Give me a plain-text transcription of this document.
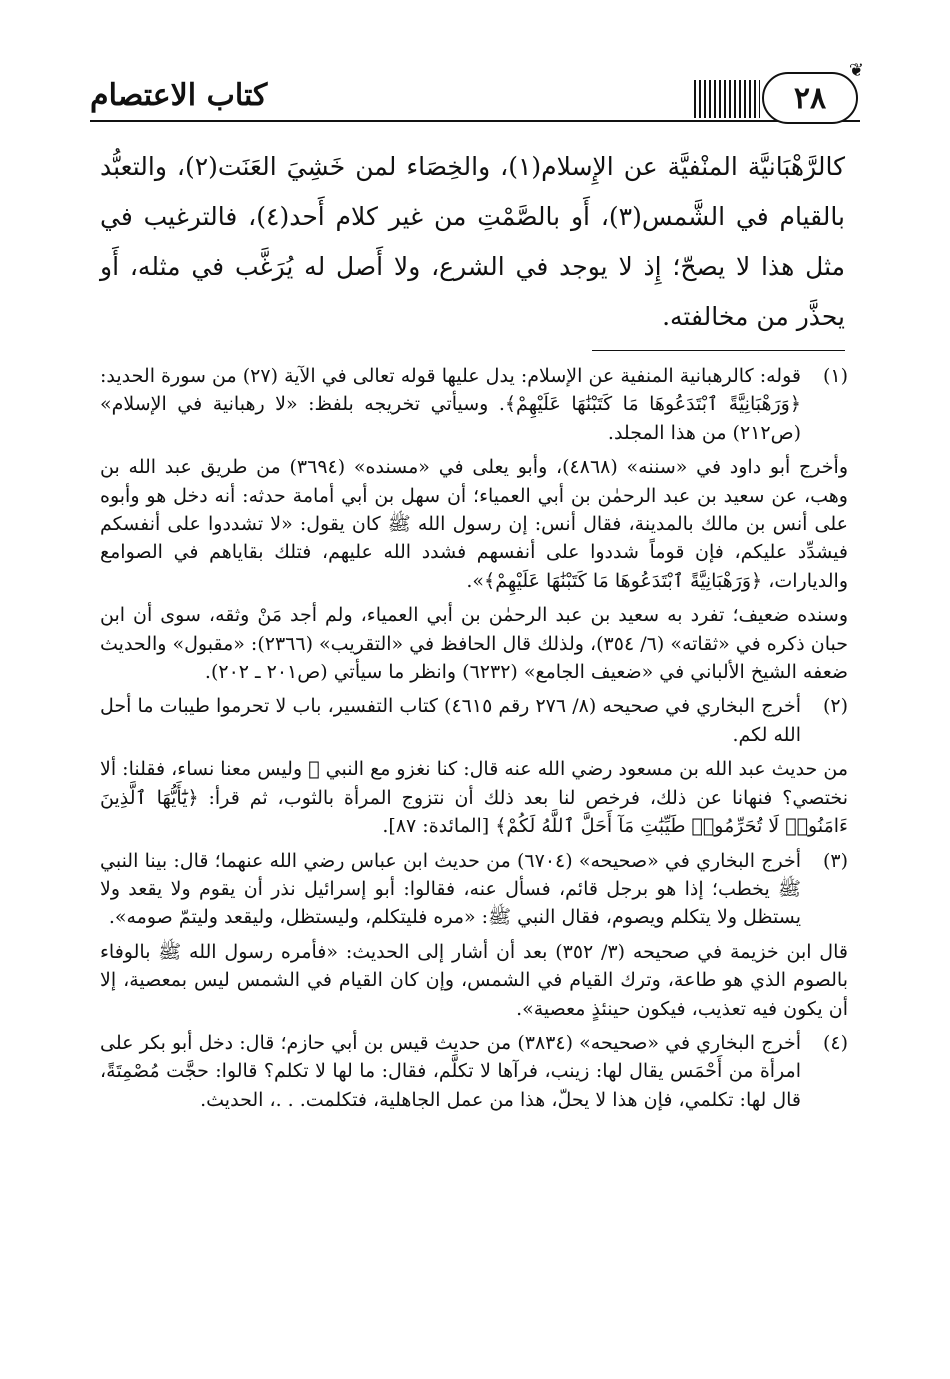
كتاب الاعتصام	٢٨
❦
كالرَّهْبَانيَّة المنْفيَّة عن الإِسلام(١)، والخِصَاء لمن خَشِيَ العَنَت(٢)، والتعبُّد بالقيام في الشَّمس(٣)، أَو بالصَّمْتِ من غير كلام أَحد(٤)، فالترغيب في مثل هذا لا يصحّ؛ إِذ لا يوجد في الشرع، ولا أَصل له يُرَغَّب في مثله، أَو يحذَّر من مخالفته.
(١)

قوله: كالرهبانية المنفية عن الإسلام: يدل عليها قوله تعالى في الآية (٢٧) من سورة الحديد: ﴿وَرَهْبَانِيَّةً ٱبْتَدَعُوهَا مَا كَتَبْنَٰهَا عَلَيْهِمْ﴾. وسيأتي تخريجه بلفظ: «لا رهبانية في الإسلام» (ص٢١٢) من هذا المجلد.

وأخرج أبو داود في «سننه» (٤٨٦٨)، وأبو يعلى في «مسنده» (٣٦٩٤) من طريق عبد الله بن وهب، عن سعيد بن عبد الرحمٰن بن أبي العمياء؛ أن سهل بن أبي أمامة حدثه: أنه دخل هو وأبوه على أنس بن مالك بالمدينة، فقال أنس: إن رسول الله ﷺ كان يقول: «لا تشددوا على أنفسكم فيشدِّد عليكم، فإن قوماً شددوا على أنفسهم فشدد الله عليهم، فتلك بقاياهم في الصوامع والديارات، ﴿وَرَهْبَانِيَّةً ٱبْتَدَعُوهَا مَا كَتَبْنَٰهَا عَلَيْهِمْ﴾».

وسنده ضعيف؛ تفرد به سعيد بن عبد الرحمٰن بن أبي العمياء، ولم أجد مَنْ وثقه، سوى أن ابن حبان ذكره في «ثقاته» (٦/ ٣٥٤)، ولذلك قال الحافظ في «التقريب» (٢٣٦٦): «مقبول» والحديث ضعفه الشيخ الألباني في «ضعيف الجامع» (٦٢٣٢) وانظر ما سيأتي (ص٢٠١ ـ ٢٠٢).

(٢)

أخرج البخاري في صحيحه (٨/ ٢٧٦ رقم ٤٦١٥) كتاب التفسير، باب لا تحرموا طيبات ما أحل الله لكم.

من حديث عبد الله بن مسعود رضي الله عنه قال: كنا نغزو مع النبي ﷺ وليس معنا نساء، فقلنا: ألا نختصي؟ فنهانا عن ذلك، فرخص لنا بعد ذلك أن نتزوج المرأة بالثوب، ثم قرأ: ﴿يَٰٓأَيُّهَا ٱلَّذِينَ ءَامَنُوا۟ لَا تُحَرِّمُوا۟ طَيِّبَٰتِ مَآ أَحَلَّ ٱللَّهُ لَكُمْ﴾ [المائدة: ٨٧].

(٣)

أخرج البخاري في «صحيحه» (٦٧٠٤) من حديث ابن عباس رضي الله عنهما؛ قال: بينا النبي ﷺ يخطب؛ إذا هو برجل قائم، فسأل عنه، فقالوا: أبو إسرائيل نذر أن يقوم ولا يقعد ولا يستظل ولا يتكلم ويصوم، فقال النبي ﷺ: «مره فليتكلم، وليستظل، وليقعد وليتمّ صومه».

قال ابن خزيمة في صحيحه (٣/ ٣٥٢) بعد أن أشار إلى الحديث: «فأمره رسول الله ﷺ بالوفاء بالصوم الذي هو طاعة، وترك القيام في الشمس، وإن كان القيام في الشمس ليس بمعصية، إلا أن يكون فيه تعذيب، فيكون حينئذٍ معصية».

(٤)

أخرج البخاري في «صحيحه» (٣٨٣٤) من حديث قيس بن أبي حازم؛ قال: دخل أبو بكر على امرأة من أَحْمَس يقال لها: زينب، فرآها لا تكلَّم، فقال: ما لها لا تكلم؟ قالوا: حجَّت مُصْمِتَةً، قال لها: تكلمي، فإن هذا لا يحلّ، هذا من عمل الجاهلية، فتكلمت. . .، الحديث.
